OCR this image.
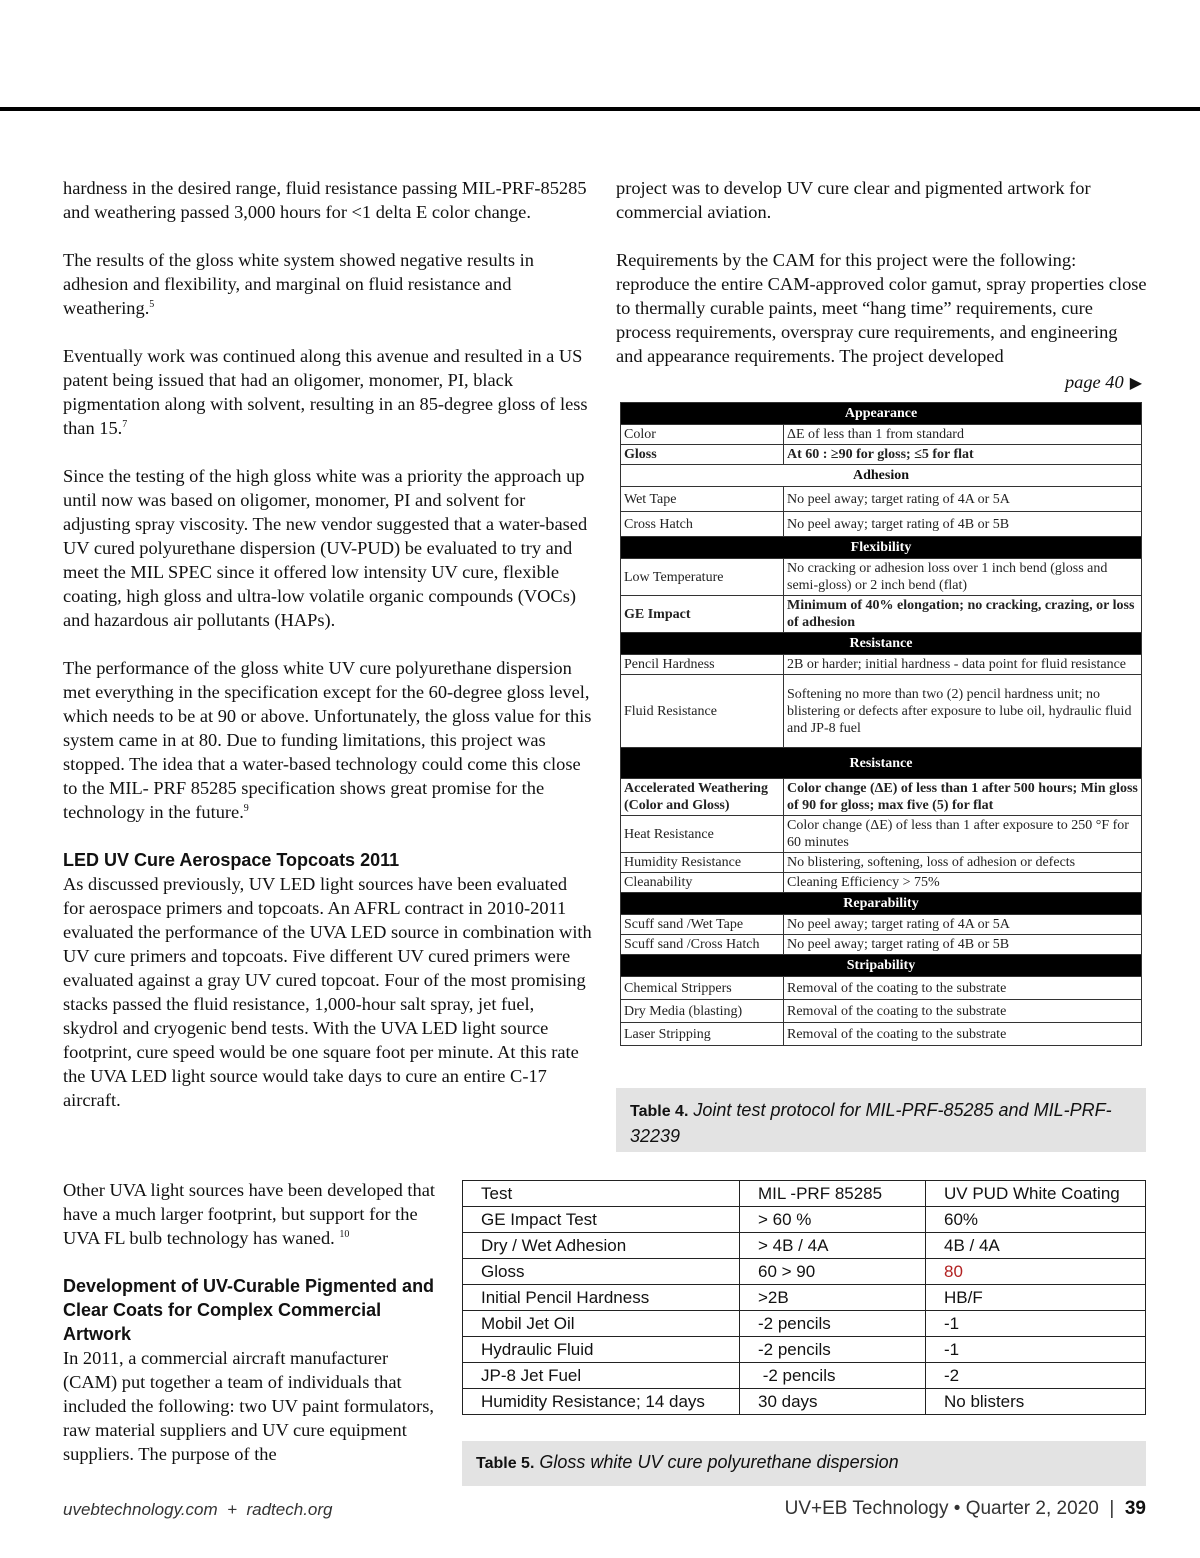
hardness in the desired range, fluid resistance passing MIL-PRF-85285 and weathering passed 3,000 hours for <1 delta E color change.

The results of the gloss white system showed negative results in adhesion and flexibility, and marginal on fluid resistance and weathering.$^5$

Eventually work was continued along this avenue and resulted in a US patent being issued that had an oligomer, monomer, PI, black pigmentation along with solvent, resulting in an 85-degree gloss of less than 15.$^7$

Since the testing of the high gloss white was a priority the approach up until now was based on oligomer, monomer, PI and solvent for adjusting spray viscosity. The new vendor suggested that a water-based UV cured polyurethane dispersion (UV-PUD) be evaluated to try and meet the MIL SPEC since it offered low intensity UV cure, flexible coating, high gloss and ultra-low volatile organic compounds (VOCs) and hazardous air pollutants (HAPs).

The performance of the gloss white UV cure polyurethane dispersion met everything in the specification except for the 60-degree gloss level, which needs to be at 90 or above. Unfortunately, the gloss value for this system came in at 80. Due to funding limitations, this project was stopped. The idea that a water-based technology could come this close to the MIL- PRF 85285 specification shows great promise for the technology in the future.$^9$

LED UV Cure Aerospace Topcoats 2011

As discussed previously, UV LED light sources have been evaluated for aerospace primers and topcoats. An AFRL contract in 2010-2011 evaluated the performance of the UVA LED source in combination with UV cure primers and topcoats. Five different UV cured primers were evaluated against a gray UV cured topcoat. Four of the most promising stacks passed the fluid resistance, 1,000-hour salt spray, jet fuel, skydrol and cryogenic bend tests. With the UVA LED light source footprint, cure speed would be one square foot per minute. At this rate the UVA LED light source would take days to cure an entire C-17 aircraft.

Other UVA light sources have been developed that have a much larger footprint, but support for the UVA FL bulb technology has waned. $^{10}$

Development of UV-Curable Pigmented and Clear Coats for Complex Commercial Artwork

In 2011, a commercial aircraft manufacturer (CAM) put together a team of individuals that included the following: two UV paint formulators, raw material suppliers and UV cure equipment suppliers. The purpose of the

project was to develop UV cure clear and pigmented artwork for commercial aviation.

Requirements by the CAM for this project were the following: reproduce the entire CAM-approved color gamut, spray properties close to thermally curable paints, meet “hang time” requirements, cure process requirements, overspray cure requirements, and engineering and appearance requirements. The project developed

page 40 ▶
Appearance	
Color	ΔE of less than 1 from standard
Gloss	At 60 : ≥90 for gloss; ≤5 for flat
Adhesion	
Wet Tape	No peel away; target rating of 4A or 5A
Cross Hatch	No peel away; target rating of 4B or 5B
Flexibility	
Low Temperature	No cracking or adhesion loss over 1 inch bend (gloss and semi-gloss) or 2 inch bend (flat)
GE Impact	Minimum of 40% elongation; no cracking, crazing, or loss of adhesion
Resistance	
Pencil Hardness	2B or harder; initial hardness - data point for fluid resistance
Fluid Resistance	Softening no more than two (2) pencil hardness unit; no blistering or defects after exposure to lube oil, hydraulic fluid and JP-8 fuel
Resistance	
Accelerated Weathering (Color and Gloss)	Color change (ΔE) of less than 1 after 500 hours; Min gloss of 90 for gloss; max five (5) for flat
Heat Resistance	Color change (ΔE) of less than 1 after exposure to 250 °F for 60 minutes
Humidity Resistance	No blistering, softening, loss of adhesion or defects
Cleanability	Cleaning Efficiency > 75%
Reparability	
Scuff sand /Wet Tape	No peel away; target rating of 4A or 5A
Scuff sand /Cross Hatch	No peel away; target rating of 4B or 5B
Stripability	
Chemical Strippers	Removal of the coating to the substrate
Dry Media (blasting)	Removal of the coating to the substrate
Laser Stripping	Removal of the coating to the substrate
Table 4. Joint test protocol for MIL-PRF-85285 and MIL-PRF-32239
Test	MIL -PRF 85285	UV PUD White Coating
GE Impact Test	> 60 %	60%
Dry / Wet Adhesion	> 4B / 4A	4B / 4A
Gloss	60 > 90	80
Initial Pencil Hardness	>2B	HB/F
Mobil Jet Oil	-2 pencils	-1
Hydraulic Fluid	-2 pencils	-1
JP-8 Jet Fuel	-2 pencils	-2
Humidity Resistance; 14 days	30 days	No blisters
Table 5. Gloss white UV cure polyurethane dispersion
uvebtechnology.com  +  radtech.org	UV+EB Technology • Quarter 2, 2020 | 39
